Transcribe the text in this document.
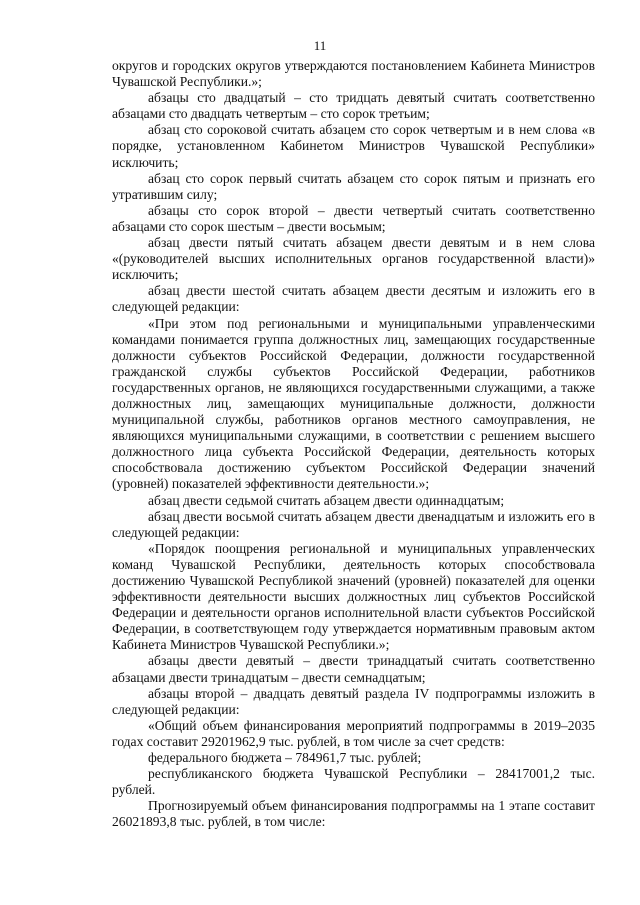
11

округов и городских округов утверждаются постановлением Кабинета Министров Чувашской Республики.»;

абзацы сто двадцатый – сто тридцать девятый считать соответственно абзацами сто двадцать четвертым – сто сорок третьим;

абзац сто сороковой считать абзацем сто сорок четвертым и в нем слова «в порядке, установленном Кабинетом Министров Чувашской Республики» исключить;

абзац сто сорок первый считать абзацем сто сорок пятым и признать его утратившим силу;

абзацы сто сорок второй – двести четвертый считать соответственно абзацами сто сорок шестым – двести восьмым;

абзац двести пятый считать абзацем двести девятым и в нем слова «(руководителей высших исполнительных органов государственной власти)» исключить;

абзац двести шестой считать абзацем двести десятым и изложить его в следующей редакции:

«При этом под региональными и муниципальными управленческими командами понимается группа должностных лиц, замещающих государственные должности субъектов Российской Федерации, должности государственной гражданской службы субъектов Российской Федерации, работников государственных органов, не являющихся государственными служащими, а также должностных лиц, замещающих муниципальные должности, должности муниципальной службы, работников органов местного самоуправления, не являющихся муниципальными служащими, в соответствии с решением высшего должностного лица субъекта Российской Федерации, деятельность которых способствовала достижению субъектом Российской Федерации значений (уровней) показателей эффективности деятельности.»;

абзац двести седьмой считать абзацем двести одиннадцатым;

абзац двести восьмой считать абзацем двести двенадцатым и изложить его в следующей редакции:

«Порядок поощрения региональной и муниципальных управленческих команд Чувашской Республики, деятельность которых способствовала достижению Чувашской Республикой значений (уровней) показателей для оценки эффективности деятельности высших должностных лиц субъектов Российской Федерации и деятельности органов исполнительной власти субъектов Российской Федерации, в соответствующем году утверждается нормативным правовым актом Кабинета Министров Чувашской Республики.»;

абзацы двести девятый – двести тринадцатый считать соответственно абзацами двести тринадцатым – двести семнадцатым;

абзацы второй – двадцать девятый раздела IV подпрограммы изложить в следующей редакции:

«Общий объем финансирования мероприятий подпрограммы в 2019–2035 годах составит 29201962,9 тыс. рублей, в том числе за счет средств:

федерального бюджета – 784961,7 тыс. рублей;

республиканского бюджета Чувашской Республики – 28417001,2 тыс. рублей.

Прогнозируемый объем финансирования подпрограммы на 1 этапе составит 26021893,8 тыс. рублей, в том числе:
